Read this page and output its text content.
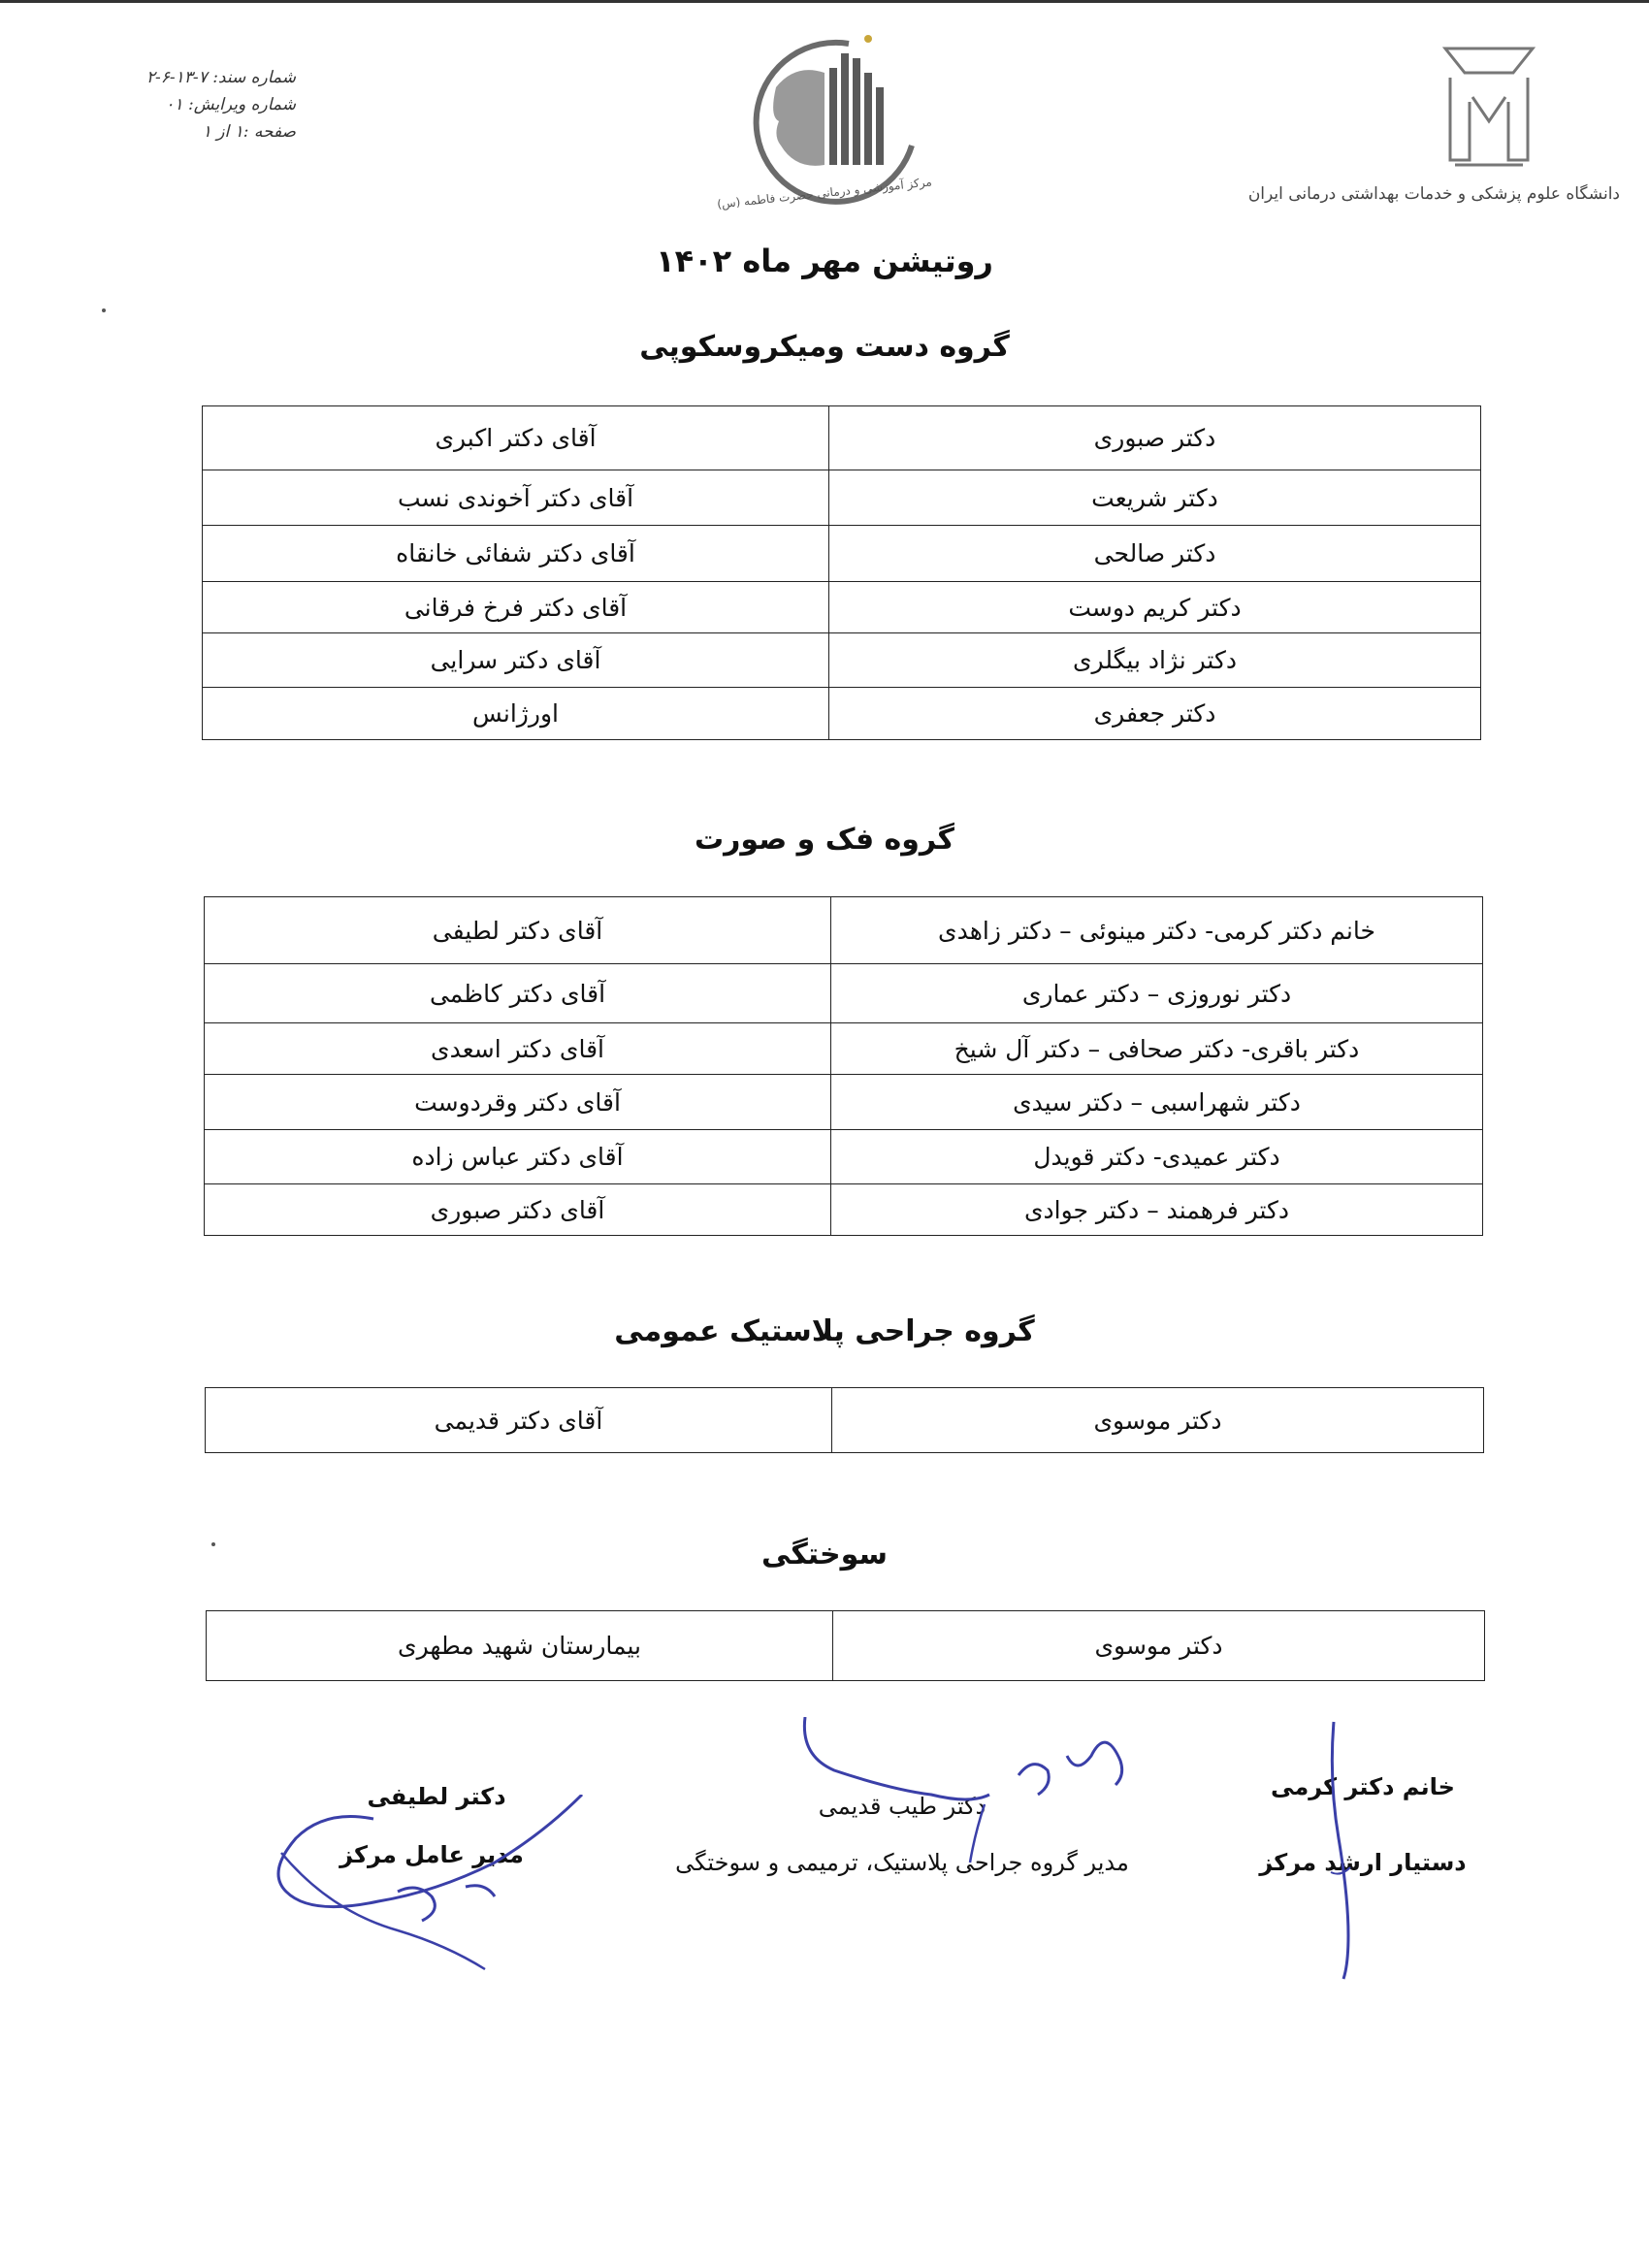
شماره سند: ۷-۱۳-۶-۲
شماره ویرایش: ۰۱
صفحه :۱ از ۱
مرکز آموزشی و درمانی حضرت فاطمه (س)	دانشگاه علوم پزشکی و خدمات بهداشتی درمانی ایران
روتیشن مهر ماه ۱۴۰۲
گروه دست ومیکروسکوپی
دکتر صبوری	آقای دکتر اکبری
دکتر شریعت	آقای دکتر آخوندی نسب
دکتر صالحی	آقای دکتر شفائی خانقاه
دکتر کریم دوست	آقای دکتر فرخ فرقانی
دکتر نژاد بیگلری	آقای دکتر سرایی
دکتر جعفری	اورژانس
گروه فک و صورت
خانم دکتر کرمی- دکتر مینوئی – دکتر زاهدی	آقای دکتر لطیفی
دکتر نوروزی – دکتر عماری	آقای دکتر کاظمی
دکتر باقری- دکتر صحافی – دکتر آل شیخ	آقای دکتر اسعدی
دکتر شهراسبی – دکتر سیدی	آقای دکتر وقردوست
دکتر عمیدی- دکتر قویدل	آقای دکتر عباس زاده
دکتر فرهمند – دکتر جوادی	آقای دکتر صبوری
گروه جراحی پلاستیک عمومی
دکتر موسوی	آقای دکتر قدیمی
سوختگی
دکتر موسوی	بیمارستان شهید مطهری
خانم دکتر کرمی
دستیار ارشد مرکز
دکتر طیب قدیمی
مدیر گروه جراحی پلاستیک، ترمیمی و سوختگی
دکتر لطیفی
مدیر عامل مرکز
